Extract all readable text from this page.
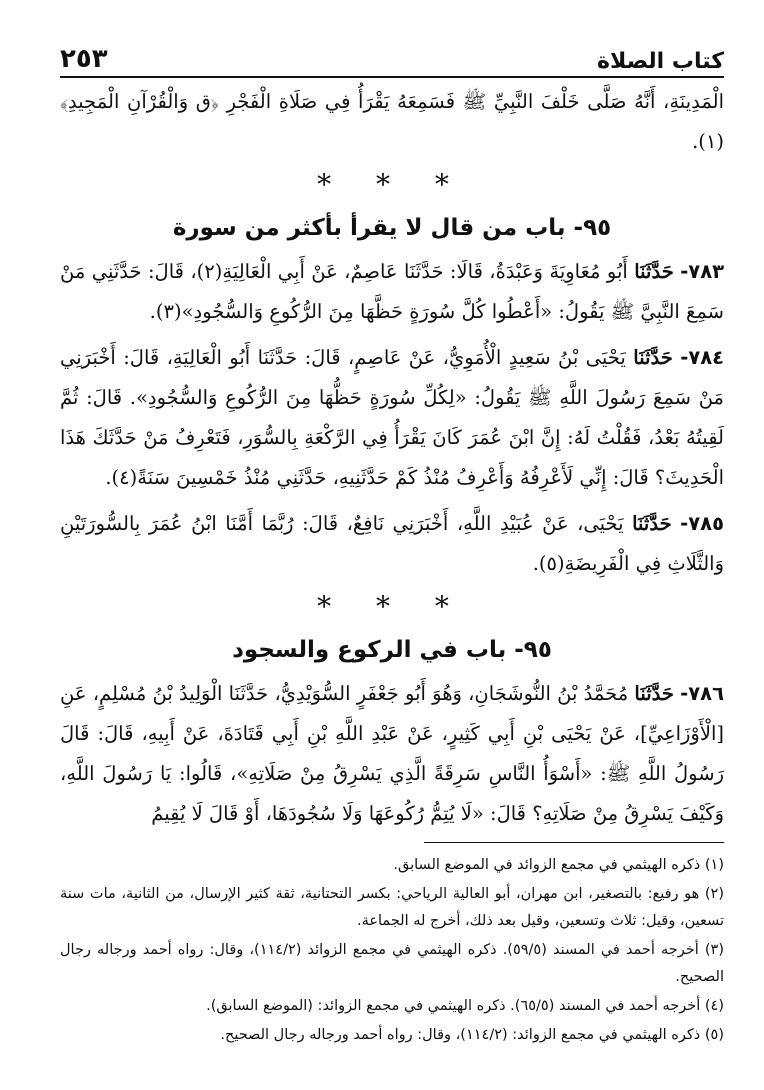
كتاب الصلاة
٢٥٣

الْمَدِينَةِ، أَنَّهُ صَلَّى خَلْفَ النَّبِيِّ ﷺ فَسَمِعَهُ يَقْرَأُ فِي صَلَاةِ الْفَجْرِ ﴿ق وَالْقُرْآنِ الْمَجِيدِ﴾(١).

* * *
٩٥- باب من قال لا يقرأ بأكثر من سورة

٧٨٣- حَدَّثَنَا أَبُو مُعَاوِيَةَ وَعَبْدَةُ، قَالَا: حَدَّثَنَا عَاصِمٌ، عَنْ أَبِي الْعَالِيَةِ(٢)، قَالَ: حَدَّثَنِي مَنْ سَمِعَ النَّبِيَّ ﷺ يَقُولُ: «أَعْطُوا كُلَّ سُورَةٍ حَظَّهَا مِنَ الرُّكُوعِ وَالسُّجُودِ»(٣).

٧٨٤- حَدَّثَنَا يَحْيَى بْنُ سَعِيدٍ الْأُمَوِيُّ، عَنْ عَاصِمٍ، قَالَ: حَدَّثَنَا أَبُو الْعَالِيَةِ، قَالَ: أَخْبَرَنِي مَنْ سَمِعَ رَسُولَ اللَّهِ ﷺ يَقُولُ: «لِكُلِّ سُورَةٍ حَظُّهَا مِنَ الرُّكُوعِ وَالسُّجُودِ». قَالَ: ثُمَّ لَقِيتُهُ بَعْدُ، فَقُلْتُ لَهُ: إِنَّ ابْنَ عُمَرَ كَانَ يَقْرَأُ فِي الرَّكْعَةِ بِالسُّوَرِ، فَتَعْرِفُ مَنْ حَدَّثَكَ هَذَا الْحَدِيثَ؟ قَالَ: إِنِّي لَأَعْرِفُهُ وَأَعْرِفُ مُنْذُ كَمْ حَدَّثَنِيهِ، حَدَّثَنِي مُنْذُ خَمْسِينَ سَنَةً(٤).

٧٨٥- حَدَّثَنَا يَحْيَى، عَنْ عُبَيْدِ اللَّهِ، أَخْبَرَنِي نَافِعٌ، قَالَ: رُبَّمَا أَمَّنَا ابْنُ عُمَرَ بِالسُّورَتَيْنِ وَالثَّلَاثِ فِي الْفَرِيضَةِ(٥).

* * *
٩٥- باب في الركوع والسجود

٧٨٦- حَدَّثَنَا مُحَمَّدُ بْنُ النُّوشَجَانِ، وَهُوَ أَبُو جَعْفَرٍ السُّوَيْدِيُّ، حَدَّثَنَا الْوَلِيدُ بْنُ مُسْلِمٍ، عَنِ [الْأَوْزَاعِيِّ]، عَنْ يَحْيَى بْنِ أَبِي كَثِيرٍ، عَنْ عَبْدِ اللَّهِ بْنِ أَبِي قَتَادَةَ، عَنْ أَبِيهِ، قَالَ: قَالَ رَسُولُ اللَّهِ ﷺ: «أَسْوَأُ النَّاسِ سَرِقَةً الَّذِي يَسْرِقُ مِنْ صَلَاتِهِ»، قَالُوا: يَا رَسُولَ اللَّهِ، وَكَيْفَ يَسْرِقُ مِنْ صَلَاتِهِ؟ قَالَ: «لَا يُتِمُّ رُكُوعَهَا وَلَا سُجُودَهَا، أَوْ قَالَ لَا يُقِيمُ

(١) ذكره الهيثمي في مجمع الزوائد في الموضع السابق.

(٢) هو رفيع: بالتصغير، ابن مهران، أبو العالية الرياحي: بكسر التحتانية، ثقة كثير الإرسال، من الثانية، مات سنة تسعين، وقيل: ثلاث وتسعين، وقيل بعد ذلك، أخرج له الجماعة.

(٣) أخرجه أحمد في المسند (٥٩/٥). ذكره الهيثمي في مجمع الزوائد (١١٤/٢)، وقال: رواه أحمد ورجاله رجال الصحيح.

(٤) أخرجه أحمد في المسند (٦٥/٥). ذكره الهيثمي في مجمع الزوائد: (الموضع السابق).

(٥) ذكره الهيثمي في مجمع الزوائد: (١١٤/٢)، وقال: رواه أحمد ورجاله رجال الصحيح.
